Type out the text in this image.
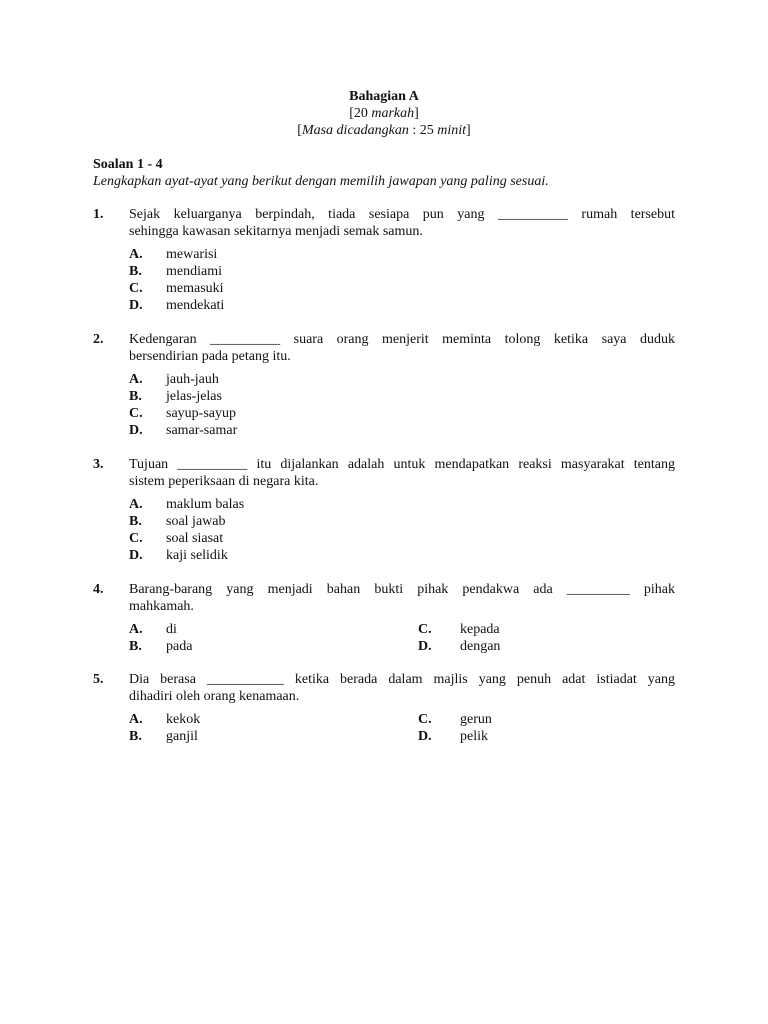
Bahagian A
[20 markah]
[Masa dicadangkan : 25 minit]
Soalan 1 - 4
Lengkapkan ayat-ayat yang berikut dengan memilih jawapan yang paling sesuai.
1. Sejak keluarganya berpindah, tiada sesiapa pun yang __________ rumah tersebut
sehingga kawasan sekitarnya menjadi semak samun.
A.	mewarisi
B.	mendiami
C.	memasuki
D.	mendekati
2. Kedengaran __________ suara orang menjerit meminta tolong ketika saya duduk
bersendirian pada petang itu.
A.	jauh-jauh
B.	jelas-jelas
C.	sayup-sayup
D.	samar-samar
3. Tujuan __________ itu dijalankan adalah untuk mendapatkan reaksi masyarakat tentang
sistem peperiksaan di negara kita.
A.	maklum balas
B.	soal jawab
C.	soal siasat
D.	kaji selidik
4. Barang-barang yang menjadi bahan bukti pihak pendakwa ada _________ pihak
mahkamah.
A.	di
B.	pada
C.	kepada
D.	dengan
5. Dia berasa ___________ ketika berada dalam majlis yang penuh adat istiadat yang
dihadiri oleh orang kenamaan.
A.	kekok
B.	ganjil
C.	gerun
D.	pelik
